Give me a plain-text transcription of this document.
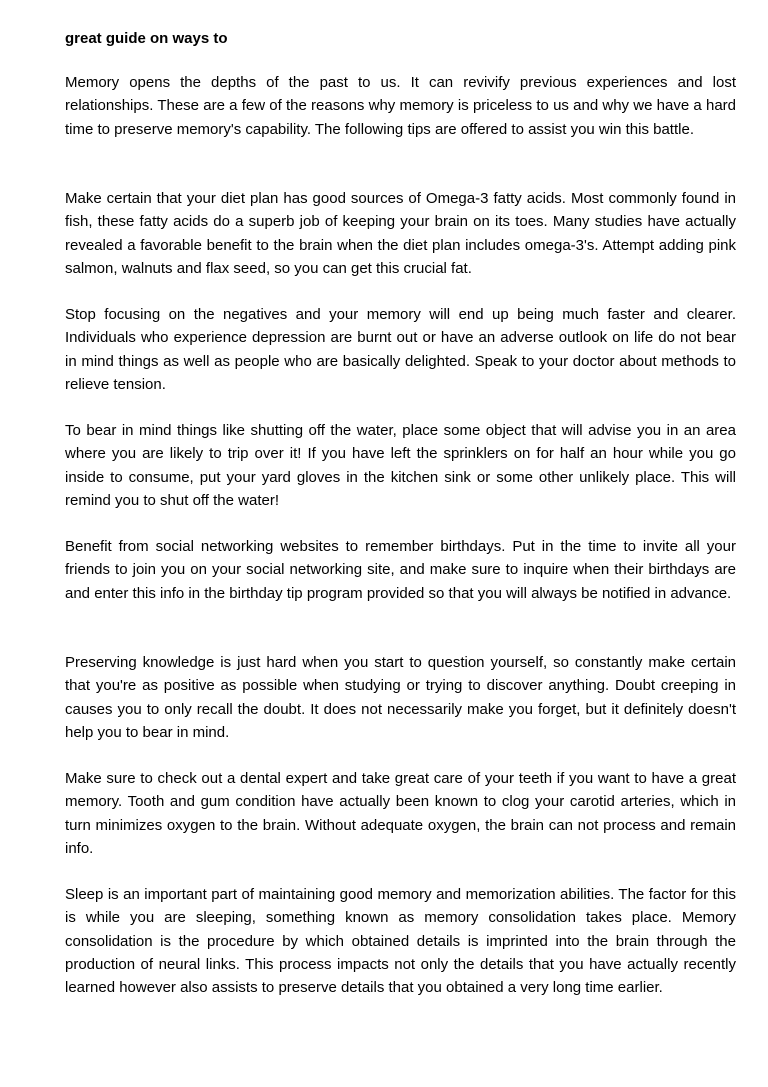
great guide on ways to

Memory opens the depths of the past to us. It can revivify previous experiences and lost relationships. These are a few of the reasons why memory is priceless to us and why we have a hard time to preserve memory's capability. The following tips are offered to assist you win this battle.

Make certain that your diet plan has good sources of Omega-3 fatty acids. Most commonly found in fish, these fatty acids do a superb job of keeping your brain on its toes. Many studies have actually revealed a favorable benefit to the brain when the diet plan includes omega-3's. Attempt adding pink salmon, walnuts and flax seed, so you can get this crucial fat.

Stop focusing on the negatives and your memory will end up being much faster and clearer. Individuals who experience depression are burnt out or have an adverse outlook on life do not bear in mind things as well as people who are basically delighted. Speak to your doctor about methods to relieve tension.

To bear in mind things like shutting off the water, place some object that will advise you in an area where you are likely to trip over it! If you have left the sprinklers on for half an hour while you go inside to consume, put your yard gloves in the kitchen sink or some other unlikely place. This will remind you to shut off the water!

Benefit from social networking websites to remember birthdays. Put in the time to invite all your friends to join you on your social networking site, and make sure to inquire when their birthdays are and enter this info in the birthday tip program provided so that you will always be notified in advance.

Preserving knowledge is just hard when you start to question yourself, so constantly make certain that you're as positive as possible when studying or trying to discover anything. Doubt creeping in causes you to only recall the doubt. It does not necessarily make you forget, but it definitely doesn't help you to bear in mind.

Make sure to check out a dental expert and take great care of your teeth if you want to have a great memory. Tooth and gum condition have actually been known to clog your carotid arteries, which in turn minimizes oxygen to the brain. Without adequate oxygen, the brain can not process and remain info.

Sleep is an important part of maintaining good memory and memorization abilities. The factor for this is while you are sleeping, something known as memory consolidation takes place. Memory consolidation is the procedure by which obtained details is imprinted into the brain through the production of neural links. This process impacts not only the details that you have actually recently learned however also assists to preserve details that you obtained a very long time earlier.
